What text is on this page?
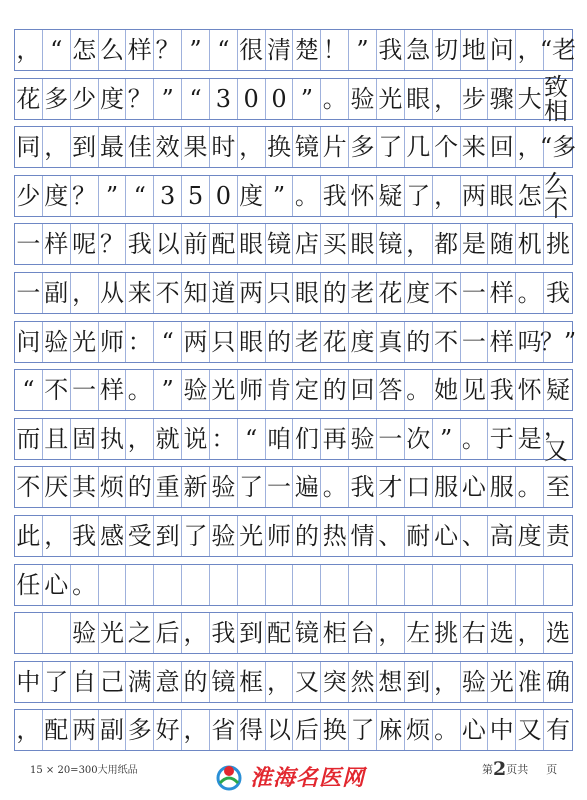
， “ 怎 么 样 ？ ” “ 很 清 楚 ！ ” 我 急 切 地 问 ，
“老
花 多 少 度 ？ ” “ 3 0 0 ” 。 验 光 眼 ， 步 骤 大 致相
同 ， 到 最 佳 效 果 时 ， 换 镜 片 多 了 几 个 来 回 ，
“多
少 度 ？ ” “ 3 5 0 度 ” 。 我 怀 疑 了 ， 两 眼 怎 么不
一 样 呢 ？ 我 以 前 配 眼 镜 店 买 眼 镜 ， 都 是 随 机 挑
一 副 ， 从 来 不 知 道 两 只 眼 的 老 花 度 不 一 样 。 我
问 验 光 师 ： “ 两 只 眼 的 老 花 度 真 的 不 一 样 吗
？”
“ 不 一 样 。 ” 验 光 师 肯 定 的 回 答 。 她 见 我 怀 疑
而 且 固 执 ， 就 说 ： “ 咱 们 再 验 一 次 ” 。 于 是 ，又
不 厌 其 烦 的 重 新 验 了 一 遍 。 我 才 口 服 心 服 。 至
此 ， 我 感 受 到 了 验 光 师 的 热 情 、 耐 心 、 高 度 责
任 心 。
验 光 之 后 ， 我 到 配 镜 柜 台 ， 左 挑 右 选 ， 选
中 了 自 己 满 意 的 镜 框 ， 又 突 然 想 到 ， 验 光 准 确
， 配 两 副 多 好 ， 省 得 以 后 换 了 麻 烦 。 心 中 又 有
15 × 20=300大用纸品	第2页共 页
淮海名医网
